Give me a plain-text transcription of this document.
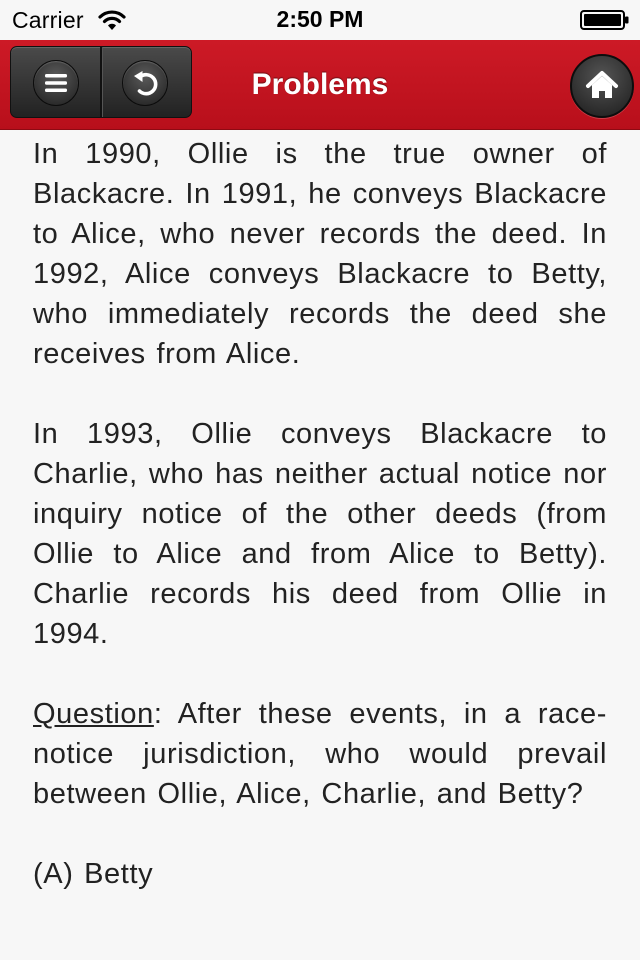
Carrier	2:50 PM
Problems

In 1990, Ollie is the true owner of Blackacre. In 1991, he conveys Blackacre to Alice, who never records the deed. In 1992, Alice conveys Blackacre to Betty, who immediately records the deed she receives from Alice.

In 1993, Ollie conveys Blackacre to Charlie, who has neither actual notice nor inquiry notice of the other deeds (from Ollie to Alice and from Alice to Betty). Charlie records his deed from Ollie in 1994.

Question: After these events, in a race-notice jurisdiction, who would prevail between Ollie, Alice, Charlie, and Betty?

(A) Betty
